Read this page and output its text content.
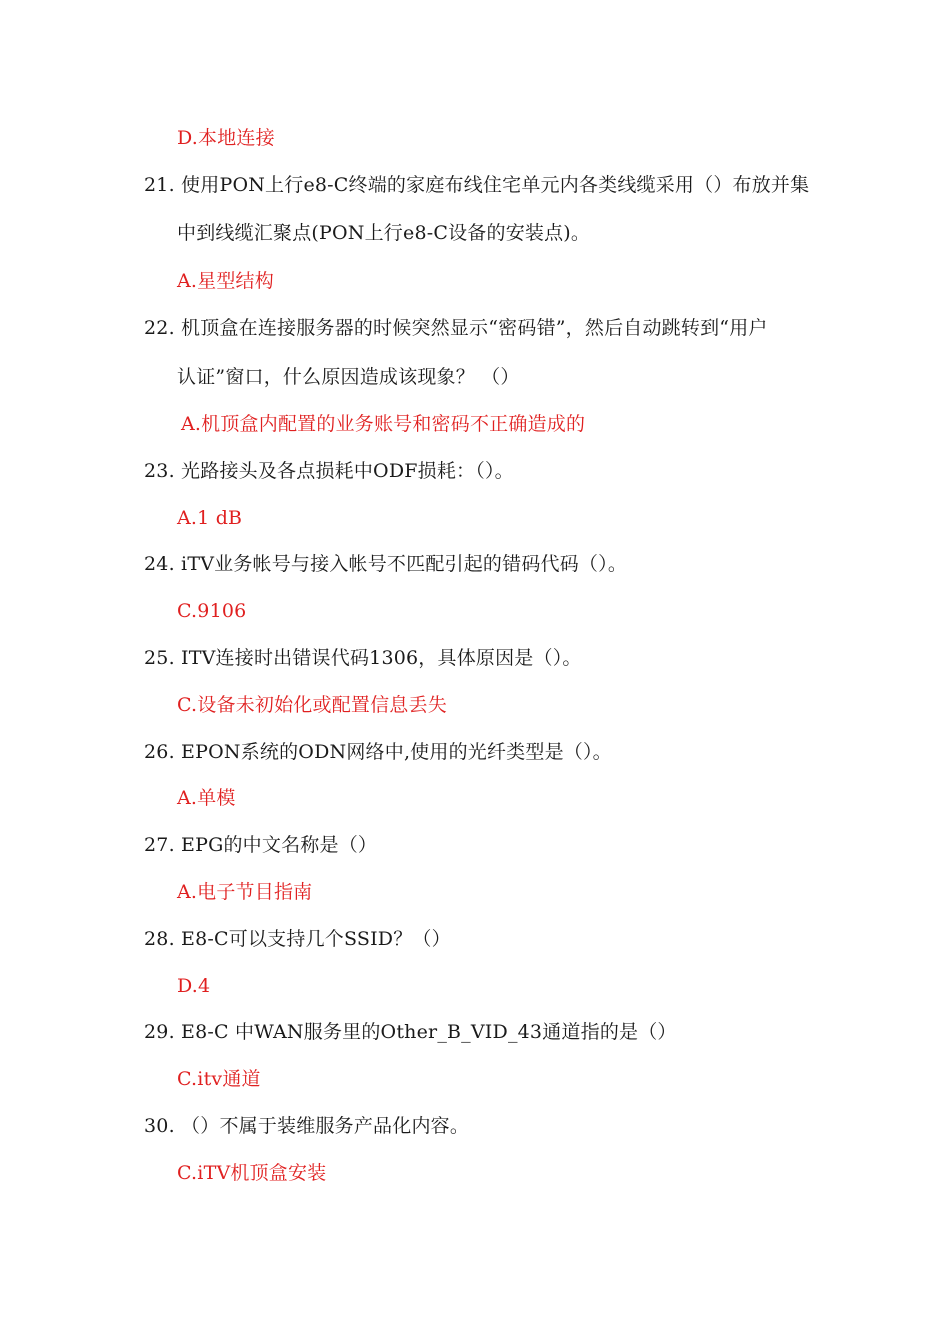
D.本地连接
21. 使用PON上行e8-C终端的家庭布线住宅单元内各类线缆采用（）布放并集
中到线缆汇聚点(PON上行e8-C设备的安装点)。
A.星型结构
22. 机顶盒在连接服务器的时候突然显示“密码错”，然后自动跳转到“用户
认证”窗口，什么原因造成该现象？ （）
A.机顶盒内配置的业务账号和密码不正确造成的
23. 光路接头及各点损耗中ODF损耗：（）。
A.1 dB
24. iTV业务帐号与接入帐号不匹配引起的错码代码（）。
C.9106
25. ITV连接时出错误代码1306，具体原因是（）。
C.设备未初始化或配置信息丢失
26. EPON系统的ODN网络中,使用的光纤类型是（）。
A.单模
27. EPG的中文名称是（）
A.电子节目指南
28. E8-C可以支持几个SSID？（）
D.4
29. E8-C 中WAN服务里的Other_B_VID_43通道指的是（）
C.itv通道
30. （）不属于装维服务产品化内容。
C.iTV机顶盒安装
